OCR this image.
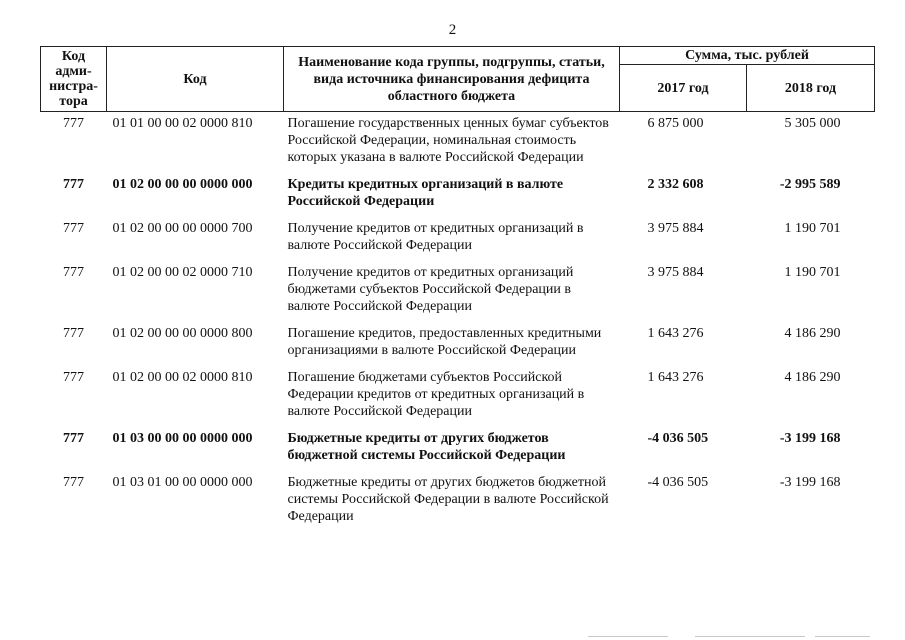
2
Код адми-нистра-тора	Код	Наименование кода группы, подгруппы, статьи, вида источника финансирования дефицита областного бюджета	Сумма, тыс. рублей	
			2017 год	2018 год
777	01 01 00 00 02 0000 810	Погашение государственных ценных бумаг субъектов Российской Федерации, номинальная стоимость которых указана в валюте Российской Федерации	6 875 000	5 305 000
777	01 02 00 00 00 0000 000	Кредиты кредитных организаций в валюте Российской Федерации	2 332 608	-2 995 589
777	01 02 00 00 00 0000 700	Получение кредитов от кредитных организаций в валюте Российской Федерации	3 975 884	1 190 701
777	01 02 00 00 02 0000 710	Получение кредитов от кредитных организаций бюджетами субъектов Российской Федерации в валюте Российской Федерации	3 975 884	1 190 701
777	01 02 00 00 00 0000 800	Погашение кредитов, предоставленных кредитными организациями в валюте Российской Федерации	1 643 276	4 186 290
777	01 02 00 00 02 0000 810	Погашение бюджетами субъектов Российской Федерации кредитов от кредитных организаций в валюте Российской Федерации	1 643 276	4 186 290
777	01 03 00 00 00 0000 000	Бюджетные кредиты от других бюджетов бюджетной системы Российской Федерации	-4 036 505	-3 199 168
777	01 03 01 00 00 0000 000	Бюджетные кредиты от других бюджетов бюджетной системы Российской Федерации в валюте Российской Федерации	-4 036 505	-3 199 168
